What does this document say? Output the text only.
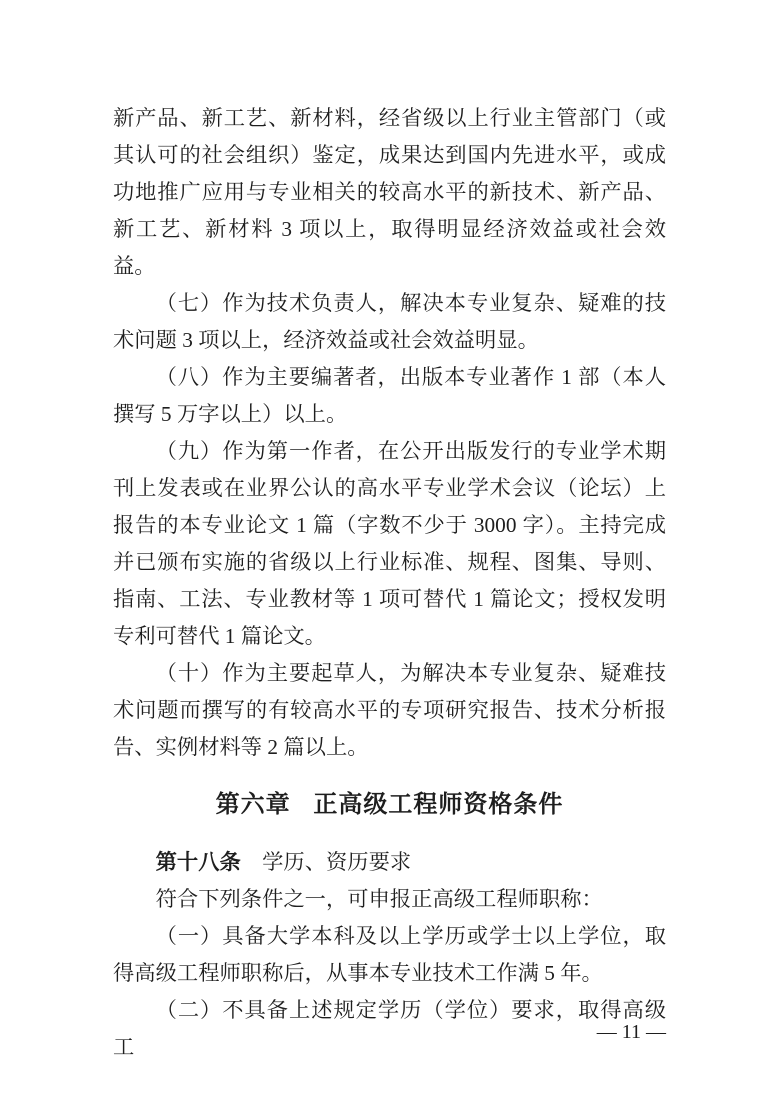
新产品、新工艺、新材料，经省级以上行业主管部门（或其认可的社会组织）鉴定，成果达到国内先进水平，或成功地推广应用与专业相关的较高水平的新技术、新产品、新工艺、新材料 3 项以上，取得明显经济效益或社会效益。

（七）作为技术负责人，解决本专业复杂、疑难的技术问题 3 项以上，经济效益或社会效益明显。

（八）作为主要编著者，出版本专业著作 1 部（本人撰写 5 万字以上）以上。

（九）作为第一作者，在公开出版发行的专业学术期刊上发表或在业界公认的高水平专业学术会议（论坛）上报告的本专业论文 1 篇（字数不少于 3000 字）。主持完成并已颁布实施的省级以上行业标准、规程、图集、导则、指南、工法、专业教材等 1 项可替代 1 篇论文；授权发明专利可替代 1 篇论文。

（十）作为主要起草人，为解决本专业复杂、疑难技术问题而撰写的有较高水平的专项研究报告、技术分析报告、实例材料等 2 篇以上。

第六章 正高级工程师资格条件

第十八条 学历、资历要求

符合下列条件之一，可申报正高级工程师职称：

（一）具备大学本科及以上学历或学士以上学位，取得高级工程师职称后，从事本专业技术工作满 5 年。

（二）不具备上述规定学历（学位）要求，取得高级工

— 11 —
